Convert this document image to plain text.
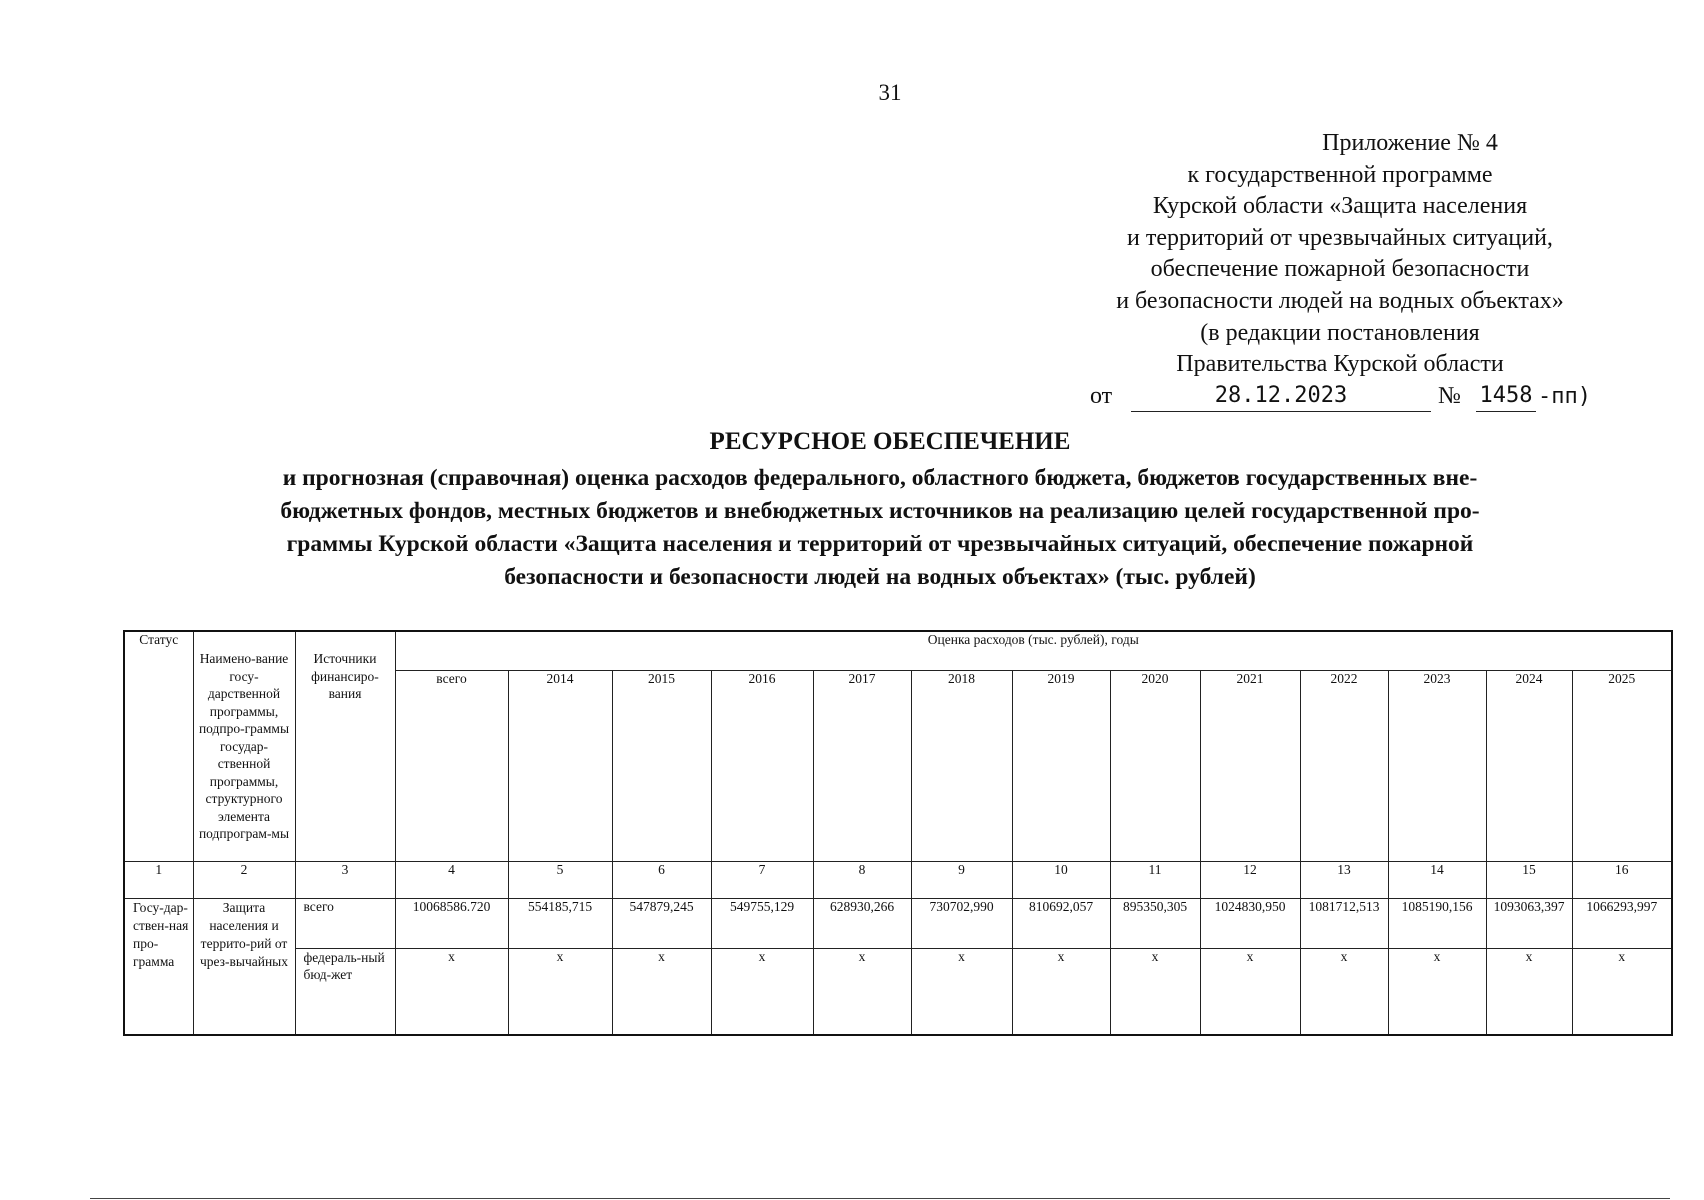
31
Приложение № 4
к государственной программе
Курской области «Защита населения
и территорий от чрезвычайных ситуаций,
обеспечение пожарной безопасности
и безопасности людей на водных объектах»
(в редакции постановления
Правительства Курской области
от	28.12.2023	№ 1458 -пп)
РЕСУРСНОЕ ОБЕСПЕЧЕНИЕ
и прогнозная (справочная) оценка расходов федерального, областного бюджета, бюджетов государственных вне-
бюджетных фондов, местных бюджетов и внебюджетных источников на реализацию целей государственной про-
граммы Курской области «Защита населения и территорий от чрезвычайных ситуаций, обеспечение пожарной
безопасности и безопасности людей на водных объектах» (тыс. рублей)
Статус	Наимено-вание госу-дарственной программы, подпро-граммы государ-ственной программы, структурного элемента подпрограм-мы	Источники финансиро-вания	Оценка расходов (тыс. рублей), годы												
			всего	2014	2015	2016	2017	2018	2019	2020	2021	2022	2023	2024	2025
1	2	3	4	5	6	7	8	9	10	11	12	13	14	15	16
Госу-дар-ствен-ная про-грамма	Защита населения и террито-рий от чрез-вычайных	всего	10068586.720	554185,715	547879,245	549755,129	628930,266	730702,990	810692,057	895350,305	1024830,950	1081712,513	1085190,156	1093063,397	1066293,997
		федераль-ный бюд-жет	x	x	x	x	x	x	x	x	x	x	x	x	x
